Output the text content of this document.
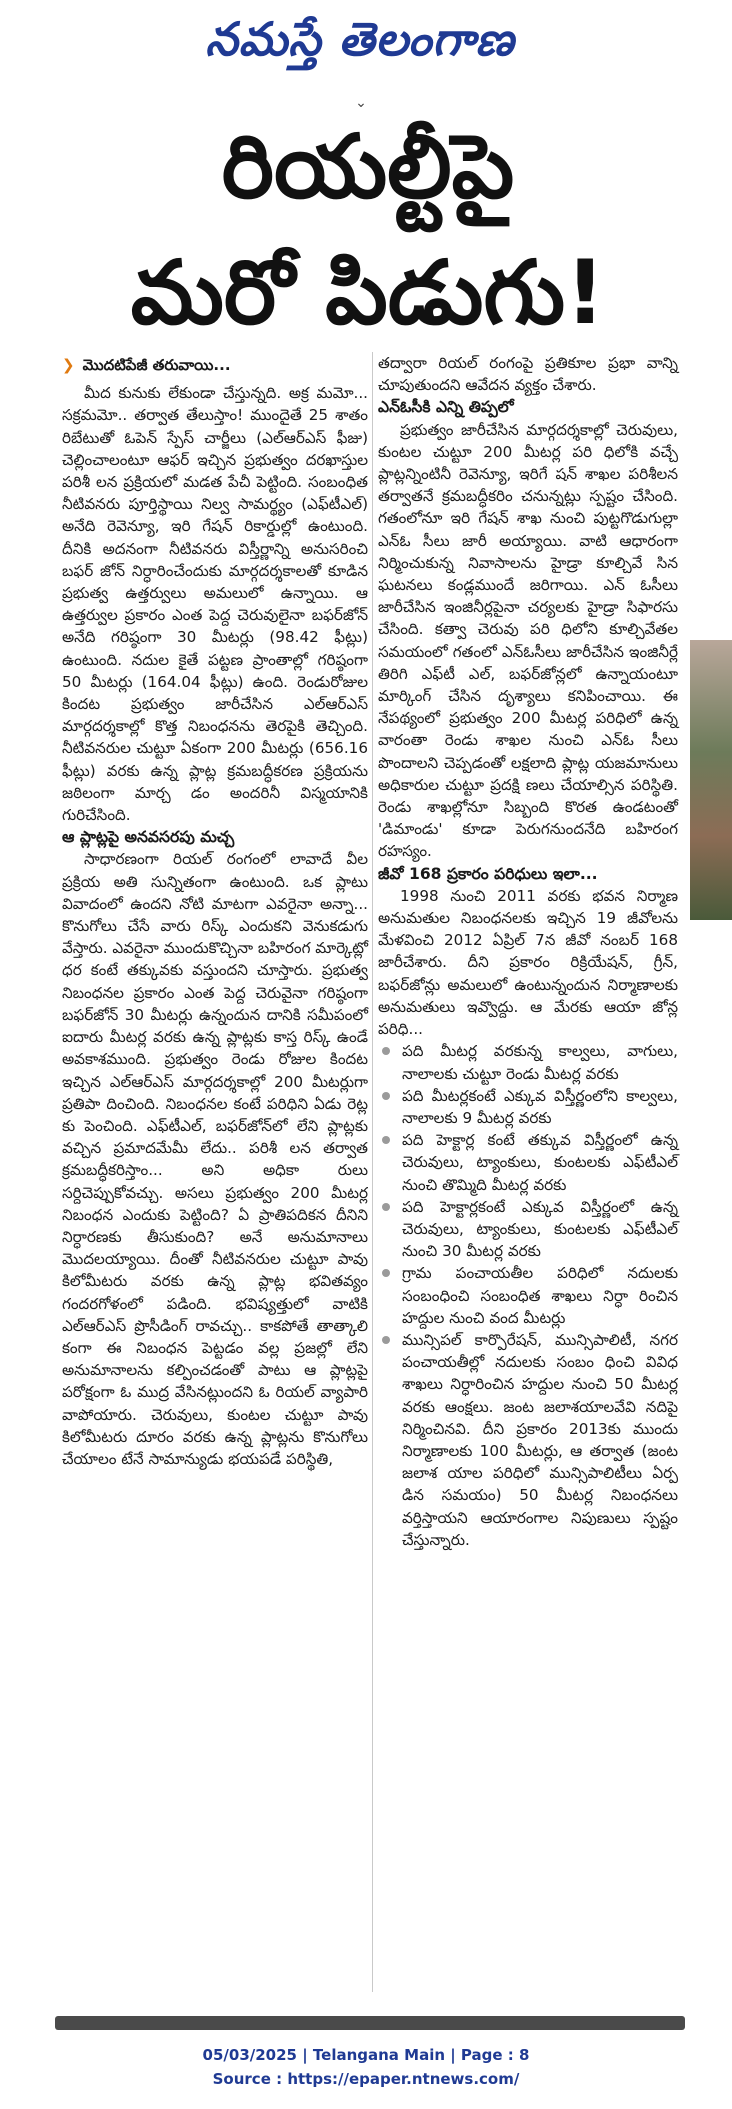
నమస్తే తెలంగాణ
⌄
రియల్టీపై
మరో పిడుగు!
❯ మొదటిపేజీ తరువాయి...

మీద కునుకు లేకుండా చేస్తున్నది. అక్ర మమో... సక్రమమో.. తర్వాత తేలుస్తాం! ముందైతే 25 శాతం రిబేటుతో ఓపెన్ స్పేస్ చార్జీలు (ఎల్ఆర్ఎస్ ఫీజు) చెల్లించాలంటూ ఆఫర్ ఇచ్చిన ప్రభుత్వం దరఖాస్తుల పరిశీ లన ప్రక్రియలో మడత పేచీ పెట్టింది. సంబంధిత నీటివనరు పూర్తిస్థాయి నిల్వ సామర్థ్యం (ఎఫ్‌టీఎల్) అనేది రెవెన్యూ, ఇరి గేషన్ రికార్డుల్లో ఉంటుంది. దీనికి అదనంగా నీటివనరు విస్తీర్ణాన్ని అనుసరించి బఫర్ జోన్ నిర్ధారించేందుకు మార్గదర్శకాలతో కూడిన ప్రభుత్వ ఉత్తర్వులు అమలులో ఉన్నాయి. ఆ ఉత్తర్వుల ప్రకారం ఎంత పెద్ద చెరువులైనా బఫర్‌జోన్ అనేది గరిష్ఠంగా 30 మీటర్లు (98.42 ఫీట్లు) ఉంటుంది. నదుల కైతే పట్టణ ప్రాంతాల్లో గరిష్ఠంగా 50 మీటర్లు (164.04 ఫీట్లు) ఉంది. రెండురోజుల కిందట ప్రభుత్వం జారీచేసిన ఎల్ఆర్ఎస్ మార్గదర్శకాల్లో కొత్త నిబంధనను తెరపైకి తెచ్చింది. నీటివనరుల చుట్టూ ఏకంగా 200 మీటర్లు (656.16 ఫీట్లు) వరకు ఉన్న ప్లాట్ల క్రమబద్ధీకరణ ప్రక్రియను జఠిలంగా మార్చ డం అందరినీ విస్మయానికి గురిచేసింది.

ఆ ప్లాట్లపై అనవసరపు మచ్చ

సాధారణంగా రియల్ రంగంలో లావాదే వీల ప్రక్రియ అతి సున్నితంగా ఉంటుంది. ఒక ప్లాటు వివాదంలో ఉందని నోటి మాటగా ఎవరైనా అన్నా... కొనుగోలు చేసే వారు రిస్క్ ఎందుకని వెనుకడుగు వేస్తారు. ఎవరైనా ముందుకొచ్చినా బహిరంగ మార్కెట్లో ధర కంటే తక్కువకు వస్తుందని చూస్తారు. ప్రభుత్వ నిబంధనల ప్రకారం ఎంత పెద్ద చెరువైనా గరిష్ఠంగా బఫర్‌జోన్ 30 మీటర్లు ఉన్నందున దానికి సమీపంలో ఐదారు మీటర్ల వరకు ఉన్న ప్లాట్లకు కాస్త రిస్క్ ఉండే అవకాశముంది. ప్రభుత్వం రెండు రోజుల కిందట ఇచ్చిన ఎల్ఆర్ఎస్ మార్గదర్శకాల్లో 200 మీటర్లుగా ప్రతిపా దించింది. నిబంధనల కంటే పరిధిని ఏడు రెట్ల కు పెంచింది. ఎఫ్‌టీఎల్, బఫర్‌జోన్‌లో లేని ప్లాట్లకు వచ్చిన ప్రమాదమేమీ లేదు.. పరిశీ లన తర్వాత క్రమబద్ధీకరిస్తాం... అని అధికా రులు సర్దిచెప్పుకోవచ్చు. అసలు ప్రభుత్వం 200 మీటర్ల నిబంధన ఎందుకు పెట్టింది? ఏ ప్రాతిపదికన దీనిని నిర్ధారణకు తీసుకుంది? అనే అనుమానాలు మొదలయ్యాయి. దీంతో నీటివనరుల చుట్టూ పావు కిలోమీటరు వరకు ఉన్న ప్లాట్ల భవితవ్యం గందరగోళంలో పడింది. భవిష్యత్తులో వాటికి ఎల్ఆర్ఎస్ ప్రొసీడింగ్ రావచ్చు.. కాకపోతే తాత్కాలి కంగా ఈ నిబంధన పెట్టడం వల్ల ప్రజల్లో లేని అనుమానాలను కల్పించడంతో పాటు ఆ ప్లాట్లపై పరోక్షంగా ఓ ముద్ర వేసినట్లుందని ఓ రియల్ వ్యాపారి వాపోయారు. చెరువులు, కుంటల చుట్టూ పావు కిలోమీటరు దూరం వరకు ఉన్న ప్లాట్లను కొనుగోలు చేయాలం టేనే సామాన్యుడు భయపడే పరిస్థితి,

తద్వారా రియల్ రంగంపై ప్రతికూల ప్రభా వాన్ని చూపుతుందని ఆవేదన వ్యక్తం చేశారు.

ఎన్ఓసీకి ఎన్ని తిప్పలో

ప్రభుత్వం జారీచేసిన మార్గదర్శకాల్లో చెరువులు, కుంటల చుట్టూ 200 మీటర్ల పరి ధిలోకి వచ్చే ప్లాట్లన్నింటినీ రెవెన్యూ, ఇరిగే షన్ శాఖల పరిశీలన తర్వాతనే క్రమబద్ధీకరిం చనున్నట్లు స్పష్టం చేసింది. గతంలోనూ ఇరి గేషన్ శాఖ నుంచి పుట్టగొడుగుల్లా ఎన్ఓ సీలు జారీ అయ్యాయి. వాటి ఆధారంగా నిర్మించుకున్న నివాసాలను హైడ్రా కూల్చివే సిన ఘటనలు కండ్లముందే జరిగాయి. ఎన్ ఓసీలు జారీచేసిన ఇంజినీర్లపైనా చర్యలకు హైడ్రా సిఫారసు చేసింది. కత్వా చెరువు పరి ధిలోని కూల్చివేతల సమయంలో గతంలో ఎన్ఓసీలు జారీచేసిన ఇంజినీర్లే తిరిగి ఎఫ్‌టీ ఎల్, బఫర్‌జోన్లలో ఉన్నాయంటూ మార్కింగ్ చేసిన దృశ్యాలు కనిపించాయి. ఈ నేపథ్యంలో ప్రభుత్వం 200 మీటర్ల పరిధిలో ఉన్న వారంతా రెండు శాఖల నుంచి ఎన్ఓ సీలు పొందాలని చెప్పడంతో లక్షలాది ప్లాట్ల యజమానులు అధికారుల చుట్టూ ప్రదక్షి ణలు చేయాల్సిన పరిస్థితి. రెండు శాఖల్లోనూ సిబ్బంది కొరత ఉండటంతో 'డిమాండు' కూడా పెరుగనుందనేది బహిరంగ రహస్యం.

జీవో 168 ప్రకారం పరిధులు ఇలా...

1998 నుంచి 2011 వరకు భవన నిర్మాణ అనుమతుల నిబంధనలకు ఇచ్చిన 19 జీవోలను మేళవించి 2012 ఏప్రిల్ 7న జీవో నంబర్ 168 జారీచేశారు. దీని ప్రకారం రిక్రియేషన్, గ్రీన్, బఫర్‌జోన్లు అమలులో ఉంటున్నందున నిర్మాణాలకు అనుమతులు ఇవ్వొద్దు. ఆ మేరకు ఆయా జోన్ల పరిధి...

పది మీటర్ల వరకున్న కాల్వలు, వాగులు, నాలాలకు చుట్టూ రెండు మీటర్ల వరకు
పది మీటర్లకంటే ఎక్కువ విస్తీర్ణంలోని కాల్వలు, నాలాలకు 9 మీటర్ల వరకు
పది హెక్టార్ల కంటే తక్కువ విస్తీర్ణంలో ఉన్న చెరువులు, ట్యాంకులు, కుంటలకు ఎఫ్‌టీఎల్ నుంచి తొమ్మిది మీటర్ల వరకు
పది హెక్టార్లకంటే ఎక్కువ విస్తీర్ణంలో ఉన్న చెరువులు, ట్యాంకులు, కుంటలకు ఎఫ్‌టీఎల్ నుంచి 30 మీటర్ల వరకు
గ్రామ పంచాయతీల పరిధిలో నదులకు సంబంధించి సంబంధిత శాఖలు నిర్ధా రించిన హద్దుల నుంచి వంద మీటర్లు
మున్సిపల్ కార్పొరేషన్, మున్సిపాలిటీ, నగర పంచాయతీల్లో నదులకు సంబం ధించి వివిధ శాఖలు నిర్ధారించిన హద్దుల నుంచి 50 మీటర్ల వరకు ఆంక్షలు. జంట జలాశయాలవేవి నదిపై నిర్మించినవి. దీని ప్రకారం 2013కు ముందు నిర్మాణాలకు 100 మీటర్లు, ఆ తర్వాత (జంట జలాశ యాల పరిధిలో మున్సిపాలిటీలు ఏర్ప డిన సమయం) 50 మీటర్ల నిబంధనలు వర్తిస్తాయని ఆయారంగాల నిపుణులు స్పష్టం చేస్తున్నారు.
05/03/2025 | Telangana Main | Page : 8
Source : https://epaper.ntnews.com/
